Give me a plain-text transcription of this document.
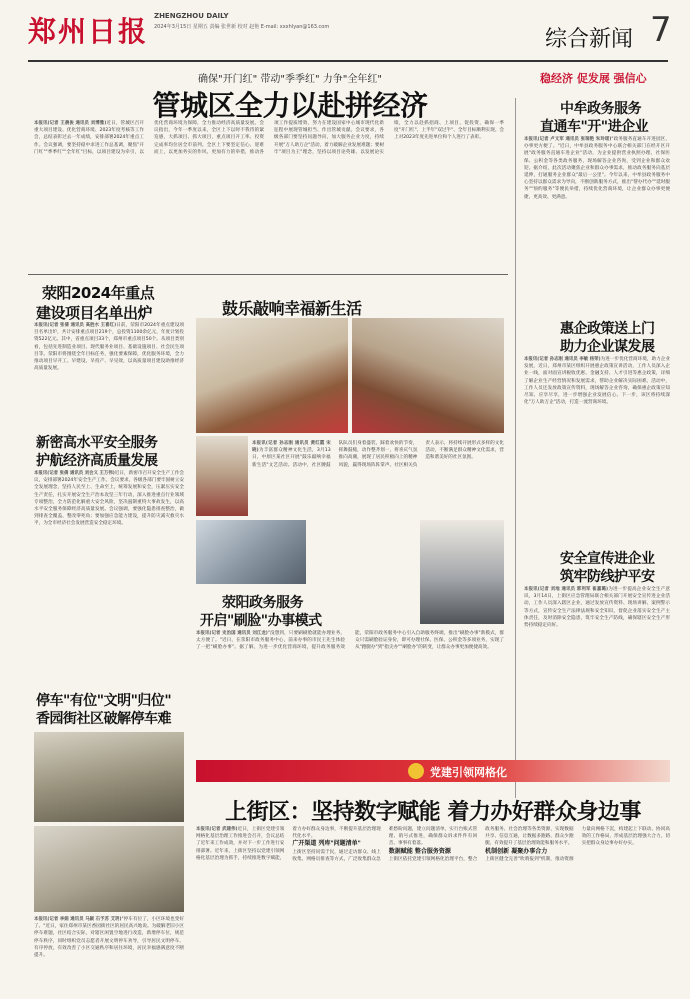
郑州日报 ZHENGZHOU DAILY
2024年3月15日 星期五 责编 张世新 校对 赵艳 E-mail: xxxhlyan@163.com	综合新闻 7
稳经济 促发展 强信心
确保"开门红" 带动"季季红" 力争"全年红"
管城区全力以赴拼经济
本报讯(记者 王晨俊 通讯员 刘博雅)近日，管城区召开重大项目建设、优化营商环境、2023年度考核等工作会，总结表彰过去一年成绩，安排部署2024年重点工作。会议强调，要坚持稳中求进工作总基调，聚焦"开门红""季季红""全年红"目标，以项目建设为牵引，以优化营商环境为保障，全力推动经济高质量发展。会议指出，今年一季度以来，全区上下以时不我待的紧迫感，大抓项目、抓大项目，重点项目开工率、投资完成率均位居全市前列。全区上下要坚定信心、迎难而上，以更加务实的作风、更加有力的举措，推动各项工作提质增效，努力在建设国家中心城市现代化新征程中展现管城担当、作出管城贡献。会议要求，各级各部门要坚持问题导向，加大服务企业力度，持续开展"万人助万企"活动，着力破解企业发展难题；要树牢"项目为王"理念，坚持以项目论英雄、以发展论实绩，全力以赴抓招商、上项目、促投资，确保一季度"开门红"、上半年"双过半"、全年目标顺利实现。会上对2023年度先进单位和个人进行了表彰。
中牟政务服务
直通车"开"进企业
本报讯(记者 卢文军 通讯员 张瑞艳 朱玲瑶)"政务服务直通车开进园区，办事更方便了。"近日，中牟县政务服务中心联合相关部门在经开区开展"政务服务直通车进企业"活动，为企业提供营业执照办理、社保医保、公积金等各类政务服务，现场解答企业咨询，受到企业和群众欢迎。据介绍，此次活动聚焦企业和群众办事需求，推动政务服务向基层延伸，打通服务企业群众"最后一公里"。今年以来，中牟县政务服务中心坚持以群众需求为导向，不断创新服务方式，推出"帮办代办""延时服务""预约服务"等便民举措，持续优化营商环境，让企业群众办事更便捷、更高效、更满意。
荥阳2024年重点
建设项目名单出炉
本报讯(记者 张倩 通讯员 高胜水 王喜红)日前，荥阳市2024年重点建设项目名单出炉，共计安排重点项目219个，总投资1100余亿元，年度计划投资522亿元。其中，省重点项目33个，郑州市重点项目50个。从项目类别看，包括先进制造业项目、现代服务业项目、基础设施项目、社会民生项目等。荥阳市将围绕全年目标任务，强化要素保障，优化服务环境，全力推动项目早开工、早建设、早投产、早见效，以高质量项目建设助推经济高质量发展。
鼓乐敲响幸福新生活
本报讯(记者 孙志刚 通讯员 黄红霞 宋晓)为丰富群众精神文化生活，3月13日，中原区某社区开展"鼓乐敲响幸福新生活"文艺活动。活动中，社区腰鼓队队员们身着盛装，踩着欢快的节奏，挥舞鼓槌，动作整齐划一，将喜庆气氛推向高潮，展现了居民积极向上的精神风貌，赢得现场阵阵掌声。社区相关负责人表示，将持续开展形式多样的文化活动，不断满足群众精神文化需求，营造和谐美好的社区氛围。
新密高水平安全服务
护航经济高质量发展
本报讯(记者 张倩 通讯员 刘会义 王万伟)近日，新密市召开安全生产工作会议，安排部署2024年安全生产工作。会议要求，各级各部门要牢固树立安全发展理念，坚持人民至上、生命至上，统筹发展和安全，压紧压实安全生产责任，扎实开展安全生产治本攻坚三年行动，深入推进重点行业领域专项整治，全力防范化解重大安全风险，坚决遏制重特大事故发生，以高水平安全服务保障经济高质量发展。会议强调，要强化隐患排查整治，做到排查全覆盖、整改零死角；要加强应急能力建设，提升防灾减灾救灾水平，为全市经济社会发展营造安全稳定环境。
惠企政策送上门
助力企业谋发展
本报讯(记者 孙志刚 通讯员 李敏 杨荣)为进一步优化营商环境，助力企业发展，近日，郑州市某区组织开展惠企政策宣讲活动，工作人员深入企业一线，面对面宣讲税收优惠、金融支持、人才引进等惠企政策，详细了解企业生产经营情况和发展需求，帮助企业解决实际困难。活动中，工作人员还发放政策宣传资料，现场解答企业咨询，确保惠企政策应知尽知、应享尽享，进一步增强企业发展信心。下一步，该区将持续深化"万人助万企"活动，打造一流营商环境。
安全宣传进企业
筑牢防线护平安
本报讯(记者 刘地 通讯员 郭利军 崔嘉璐)为进一步提高企业安全生产意识，3月14日，上街区应急管理局联合相关部门开展安全宣传进企业活动，工作人员深入辖区企业，通过发放宣传资料、现场讲解、案例警示等方式，宣传安全生产法律法规和安全知识，督促企业落实安全生产主体责任，及时消除安全隐患，筑牢安全生产防线，确保辖区安全生产形势持续稳定向好。
荥阳政务服务
开启"刷脸"办事模式
本报讯(记者 史治国 通讯员 刘江龙)"没想到，只要刷刷脸就能办理业务，太方便了。"近日，在荥阳市政务服务中心，前来办事的市民王先生体验了一把"刷脸办事"。据了解，为进一步优化营商环境，提升政务服务效能，荥阳市政务服务中心引入自助服务终端，推出"刷脸办事"新模式，群众只需刷脸验证身份，即可办理社保、医保、公积金等多项业务，实现了从"跑腿办"到"指尖办""刷脸办"的转变，让群众办事更加便捷高效。
停车"有位"文明"归位"
香园街社区破解停车难
本报讯(记者 李娟 通讯员 马颖 石予苏 艾玥)"停车有位了，小区环境也变好了。"近日，家住郑州市某区香园街社区的居民高兴地说。为破解老旧小区停车难题，社区结合实际，对辖区闲置空地进行改造，新增停车位，规范停车秩序，同时组织党员志愿者开展文明停车劝导，引导居民文明停车、有序停放，有效改善了小区交通秩序和居住环境，居民幸福感满意度不断提升。
党建引领网格化
上街区：坚持数字赋能 着力办好群众身边事
本报讯(记者 武建伟)近日，上街区党建引领网格化基层治理工作推进会召开，会议总结了近年来工作成效，并对下一步工作进行安排部署。近年来，上街区坚持以党建引领网格化基层治理为抓手，持续推进数字赋能，着力办好群众身边事，不断提升基层治理现代化水平。
广开渠道 列库"问题清单"
上街区坚持问需于民，通过走访群众、线上收集、网格员排查等方式，广泛收集群众急难愁盼问题，建立问题清单，实行台账式管理、销号式推进，确保群众诉求件件有回音、事事有着落。
数据赋能 整合服务资源
上街区依托党建引领网格化治理平台，整合政务服务、社会治理等各类资源，实现数据共享、信息互通，让数据多跑路、群众少跑腿，有效提升了基层治理效能和服务水平。
机制创新 凝聚办事合力
上街区健全完善"吹哨报到"机制，推动资源力量向网格下沉，构建起上下联动、协同高效的工作格局，形成基层治理强大合力，切实把群众身边事办好办实。
